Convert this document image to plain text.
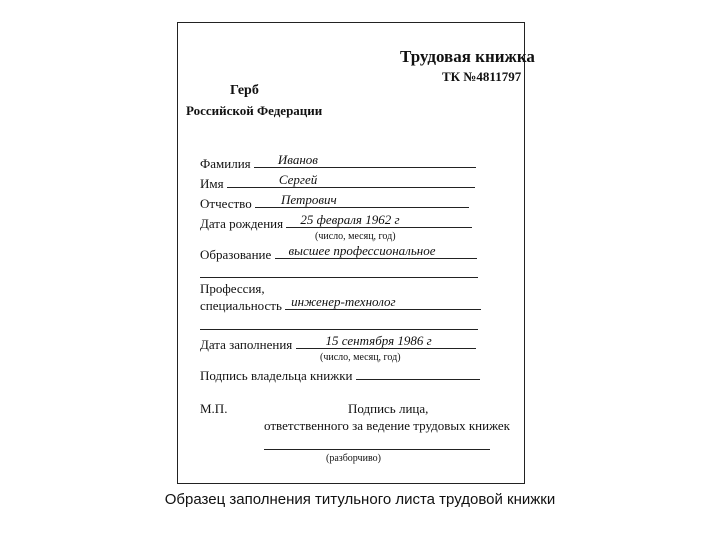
Трудовая книжка
ТК №4811797
Герб
Российской Федерации
Фамилия Иванов
Имя	Сергей
Отчество Петрович
Дата рождения 25 февраля 1962 г
(число, месяц, год)
Образование высшее профессиональное
Профессия,
специальность инженер-технолог
Дата заполнения	15 сентября 1986 г
(число, месяц, год)
Подпись владельца книжки
М.П.	Подпись лица,
ответственного за ведение трудовых книжек
(разборчиво)
Образец заполнения титульного листа трудовой книжки
